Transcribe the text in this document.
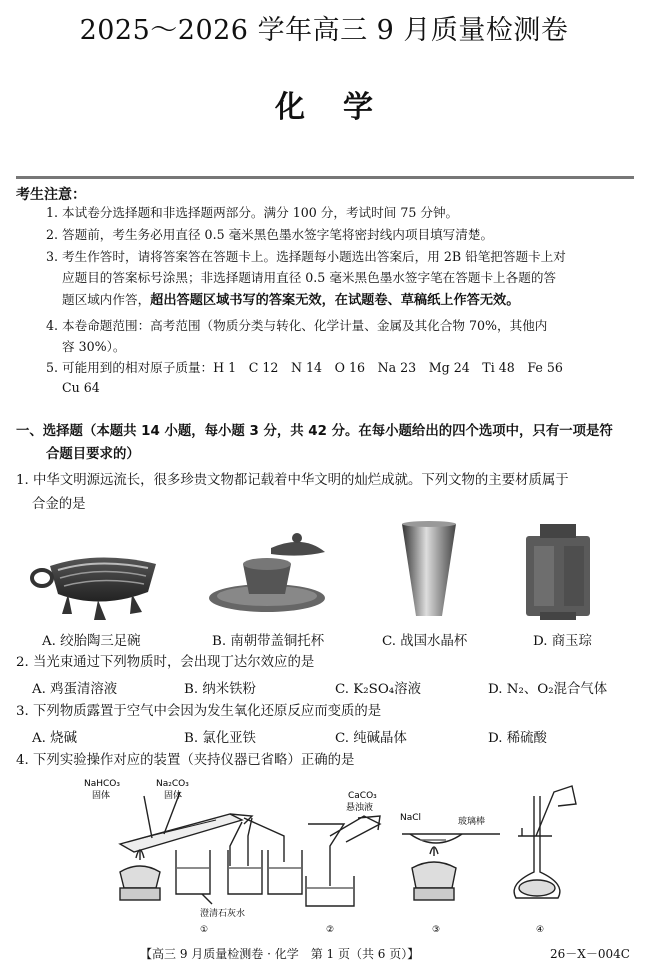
2025～2026 学年高三 9 月质量检测卷
化学
考生注意：
1. 本试卷分选择题和非选择题两部分。满分 100 分，考试时间 75 分钟。
2. 答题前，考生务必用直径 0.5 毫米黑色墨水签字笔将密封线内项目填写清楚。
3. 考生作答时，请将答案答在答题卡上。选择题每小题选出答案后，用 2B 铅笔把答题卡上对
应题目的答案标号涂黑；非选择题请用直径 0.5 毫米黑色墨水签字笔在答题卡上各题的答
题区域内作答，超出答题区域书写的答案无效，在试题卷、草稿纸上作答无效。
4. 本卷命题范围：高考范围（物质分类与转化、化学计量、金属及其化合物 70%，其他内
容 30%）。
5. 可能用到的相对原子质量：H 1　C 12　N 14　O 16　Na 23　Mg 24　Ti 48　Fe 56
Cu 64
一、选择题（本题共 14 小题，每小题 3 分，共 42 分。在每小题给出的四个选项中，只有一项是符
合题目要求的）
1. 中华文明源远流长，很多珍贵文物都记载着中华文明的灿烂成就。下列文物的主要材质属于
合金的是
A. 绞胎陶三足碗	B. 南朝带盖铜托杯	C. 战国水晶杯	D. 商玉琮
2. 当光束通过下列物质时，会出现丁达尔效应的是
A. 鸡蛋清溶液	B. 纳米铁粉	C. K₂SO₄溶液	D. N₂、O₂混合气体
3. 下列物质露置于空气中会因为发生氧化还原反应而变质的是
A. 烧碱	B. 氯化亚铁	C. 纯碱晶体	D. 稀硫酸
4. 下列实验操作对应的装置（夹持仪器已省略）正确的是
NaHCO₃
固体
Na₂CO₃
固体	CaCO₃
悬浊液
NaCl	玻璃棒
澄清石灰水
①	②	③	④
【高三 9 月质量检测卷 · 化学　第 1 页（共 6 页）】	26－X－004C
